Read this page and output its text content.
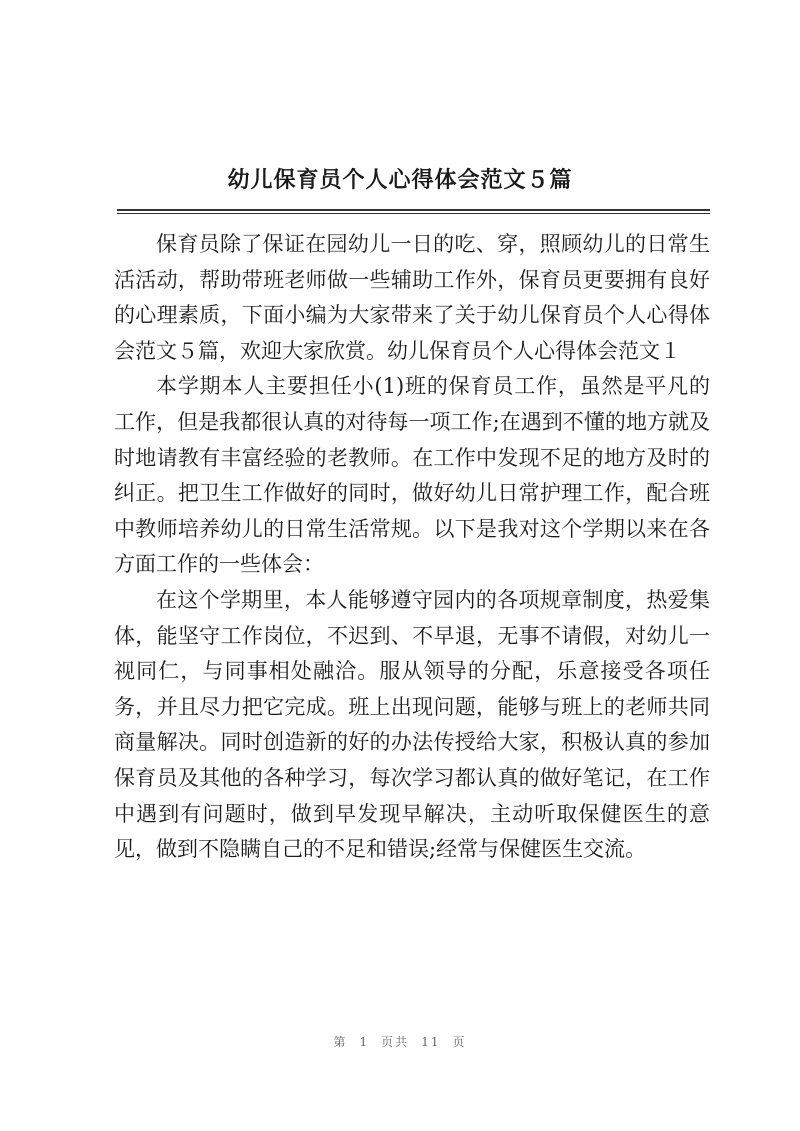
幼儿保育员个人心得体会范文５篇

保育员除了保证在园幼儿一日的吃、穿，照顾幼儿的日常生活活动，帮助带班老师做一些辅助工作外，保育员更要拥有良好的心理素质，下面小编为大家带来了关于幼儿保育员个人心得体会范文５篇，欢迎大家欣赏。幼儿保育员个人心得体会范文１

本学期本人主要担任小(1)班的保育员工作，虽然是平凡的工作，但是我都很认真的对待每一项工作;在遇到不懂的地方就及时地请教有丰富经验的老教师。在工作中发现不足的地方及时的纠正。把卫生工作做好的同时，做好幼儿日常护理工作，配合班中教师培养幼儿的日常生活常规。以下是我对这个学期以来在各方面工作的一些体会：

在这个学期里，本人能够遵守园内的各项规章制度，热爱集体，能坚守工作岗位，不迟到、不早退，无事不请假，对幼儿一视同仁，与同事相处融洽。服从领导的分配，乐意接受各项任务，并且尽力把它完成。班上出现问题，能够与班上的老师共同商量解决。同时创造新的好的办法传授给大家，积极认真的参加保育员及其他的各种学习，每次学习都认真的做好笔记，在工作中遇到有问题时，做到早发现早解决，主动听取保健医生的意见，做到不隐瞒自己的不足和错误;经常与保健医生交流。

第 1 页共 11 页
